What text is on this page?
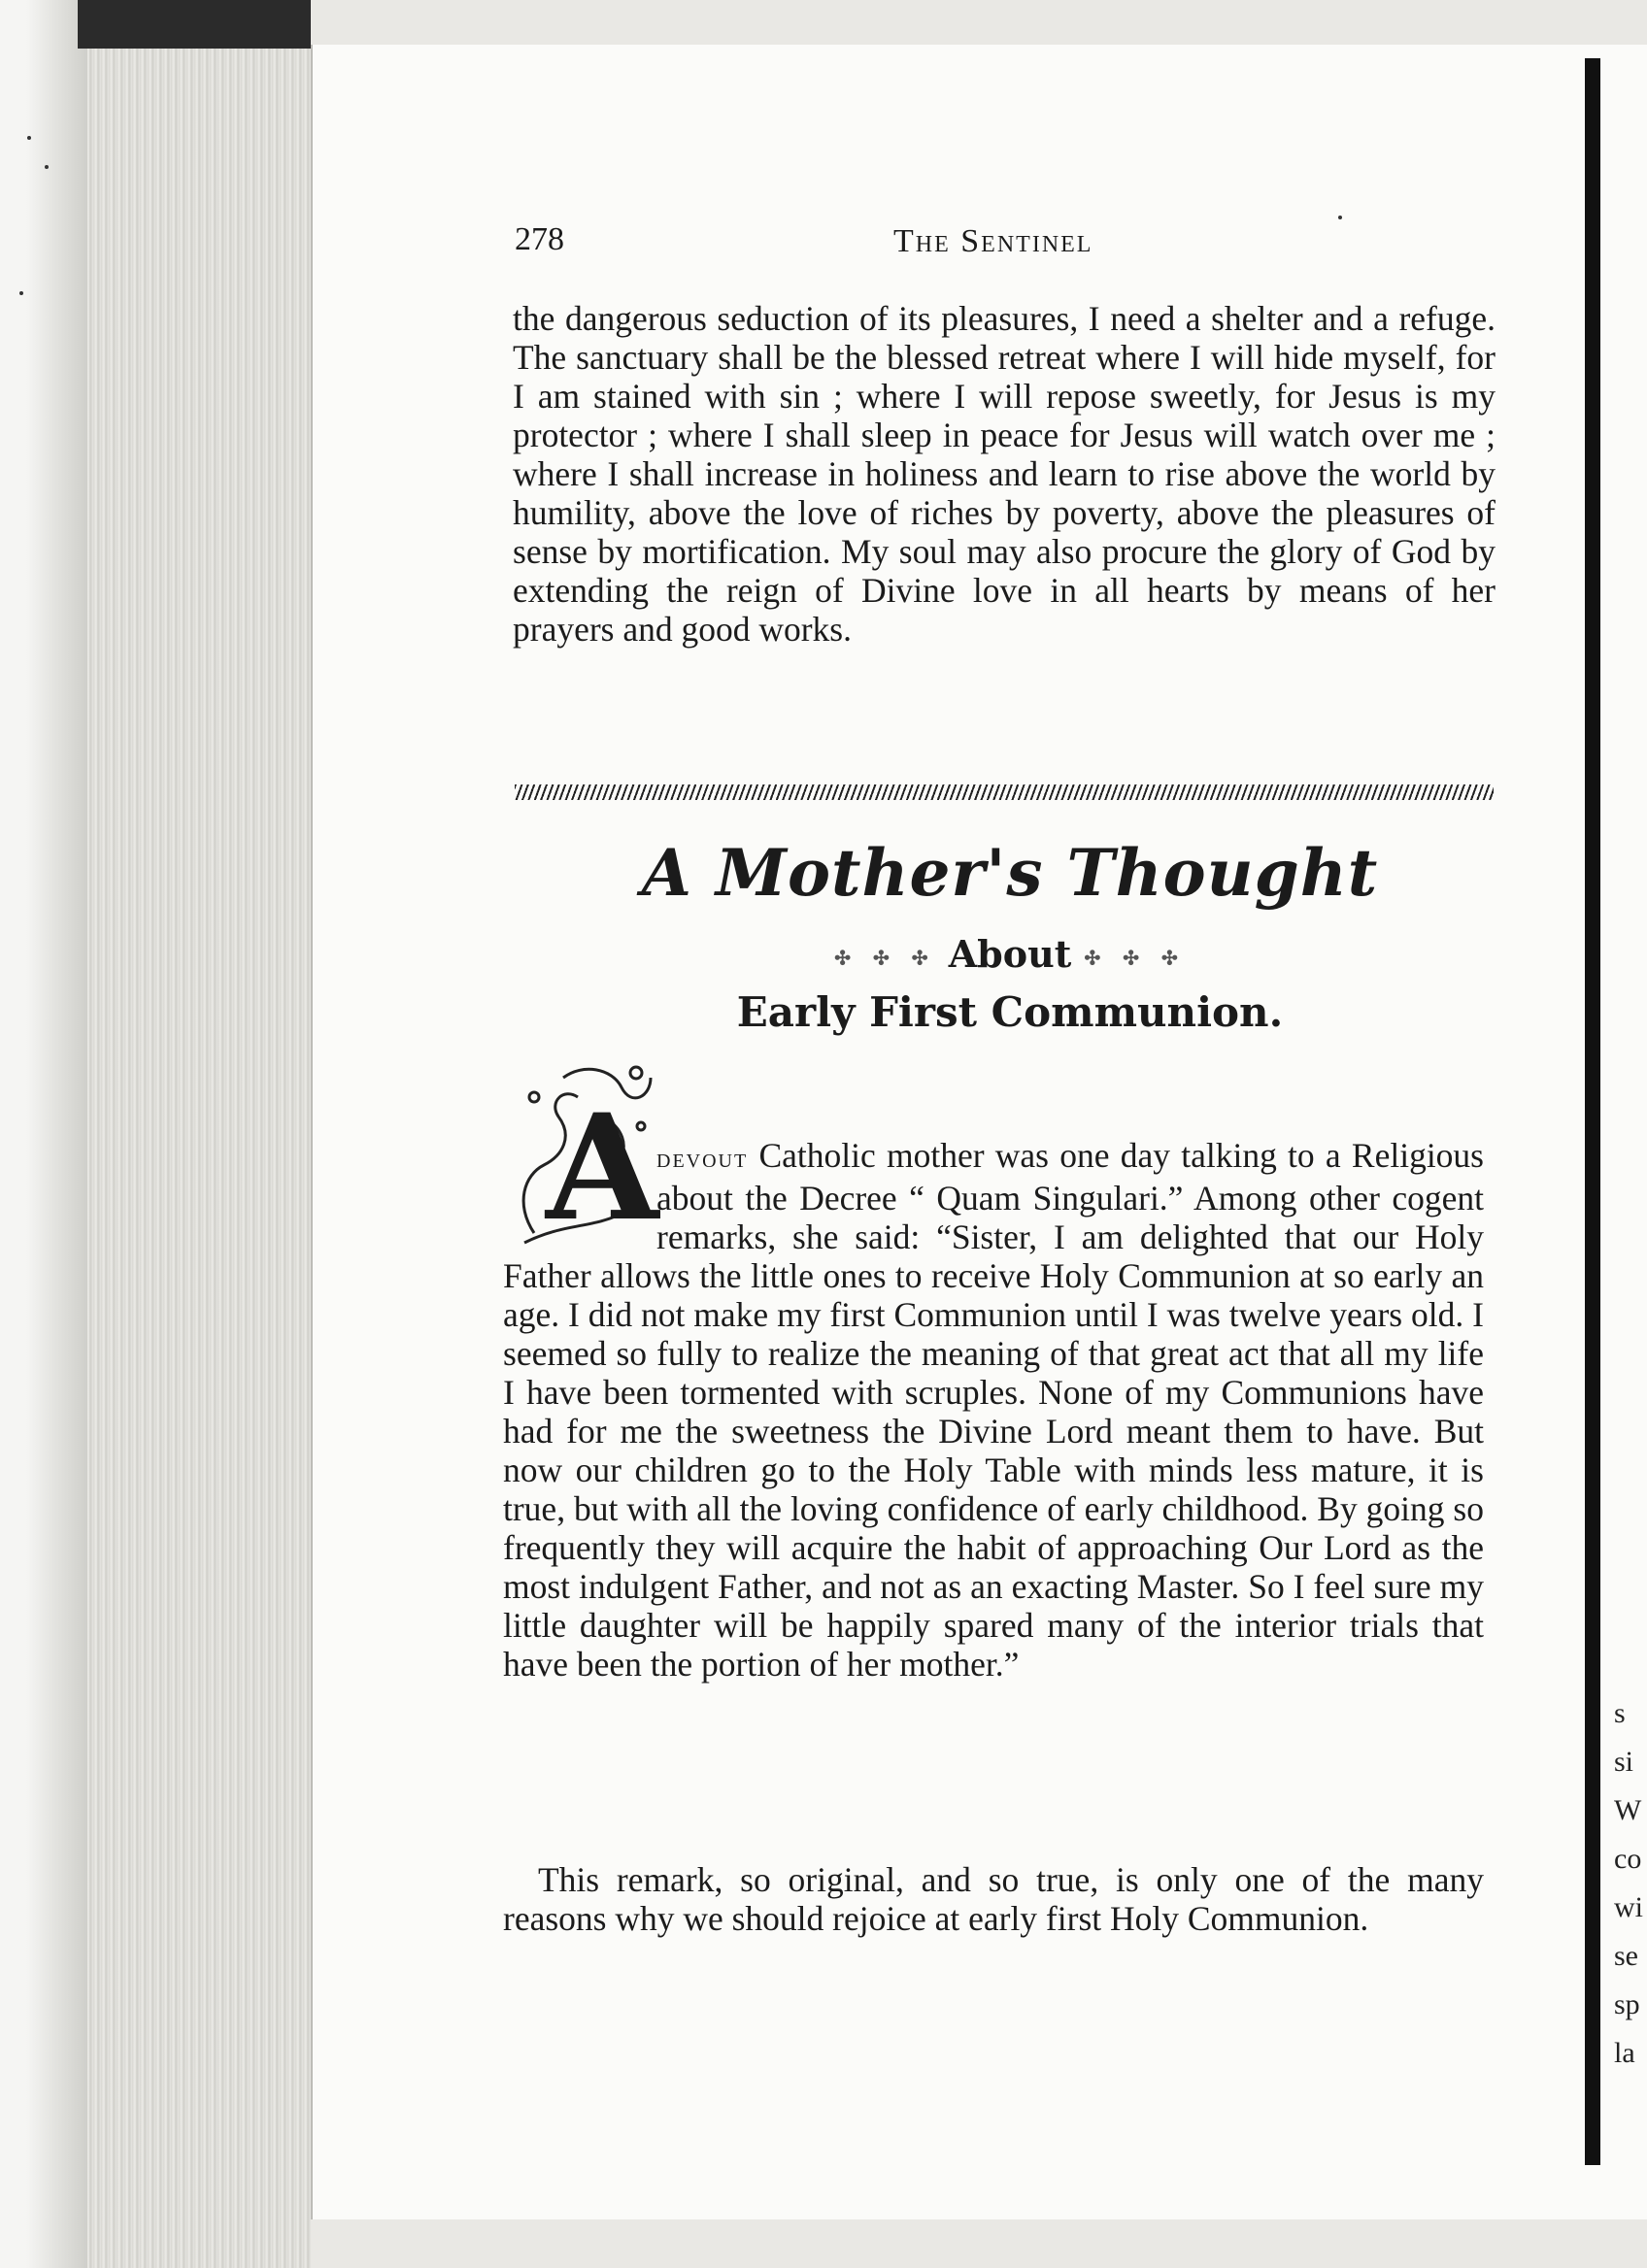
s
si
W
co
wi
se
sp
la
278	The Sentinel
the dangerous seduction of its pleasures, I need a shelter and a refuge. The sanctuary shall be the blessed retreat where I will hide myself, for I am stained with sin ; where I will repose sweetly, for Jesus is my protector ; where I shall sleep in peace for Jesus will watch over me ; where I shall increase in holiness and learn to rise above the world by humility, above the love of riches by poverty, above the pleasures of sense by mortification. My soul may also procure the glory of God by extending the reign of Divine love in all hearts by means of her prayers and good works.
A Mother's Thought
✣ ✣ ✣ About ✣ ✣ ✣
Early First Communion.
A
devout Catholic mother was one day talking to a Religious about the Decree “ Quam Singulari.” Among other cogent remarks, she said: “Sister, I am delighted that our Holy Father allows the little ones to receive Holy Communion at so early an age. I did not make my first Communion until I was twelve years old. I seemed so fully to realize the meaning of that great act that all my life I have been tormented with scruples. None of my Communions have had for me the sweetness the Divine Lord meant them to have. But now our children go to the Holy Table with minds less mature, it is true, but with all the loving confidence of early childhood. By going so frequently they will acquire the habit of approaching Our Lord as the most indulgent Father, and not as an exacting Master. So I feel sure my little daughter will be happily spared many of the interior trials that have been the portion of her mother.”
This remark, so original, and so true, is only one of the many reasons why we should rejoice at early first Holy Communion.
